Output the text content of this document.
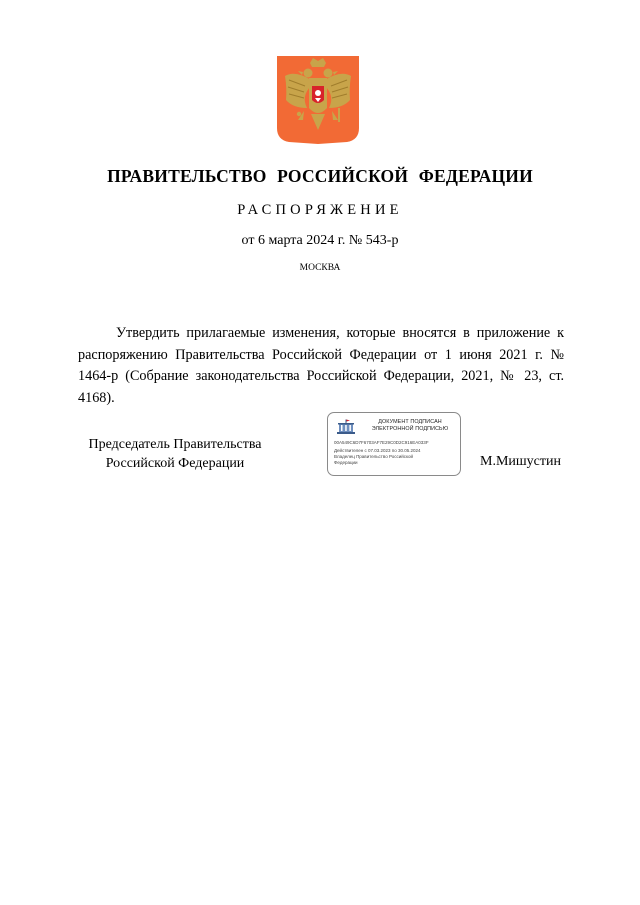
ПРАВИТЕЛЬСТВО РОССИЙСКОЙ ФЕДЕРАЦИИ
РАСПОРЯЖЕНИЕ
от 6 марта 2024 г. № 543-р
МОСКВА
Утвердить прилагаемые изменения, которые вносятся в приложение к распоряжению Правительства Российской Федерации от 1 июня 2021 г. № 1464-р (Собрание законодательства Российской Федерации, 2021, № 23, ст. 4168).
Председатель Правительства
Российской Федерации
ДОКУМЕНТ ПОДПИСАН
ЭЛЕКТРОННОЙ ПОДПИСЬЮ
00A549C6D7F6703AF7E29C0D2C916EA033F
Действителен с 07.03.2023 по 30.05.2024
Владелец Правительство Российской
Федерации	М.Мишустин
